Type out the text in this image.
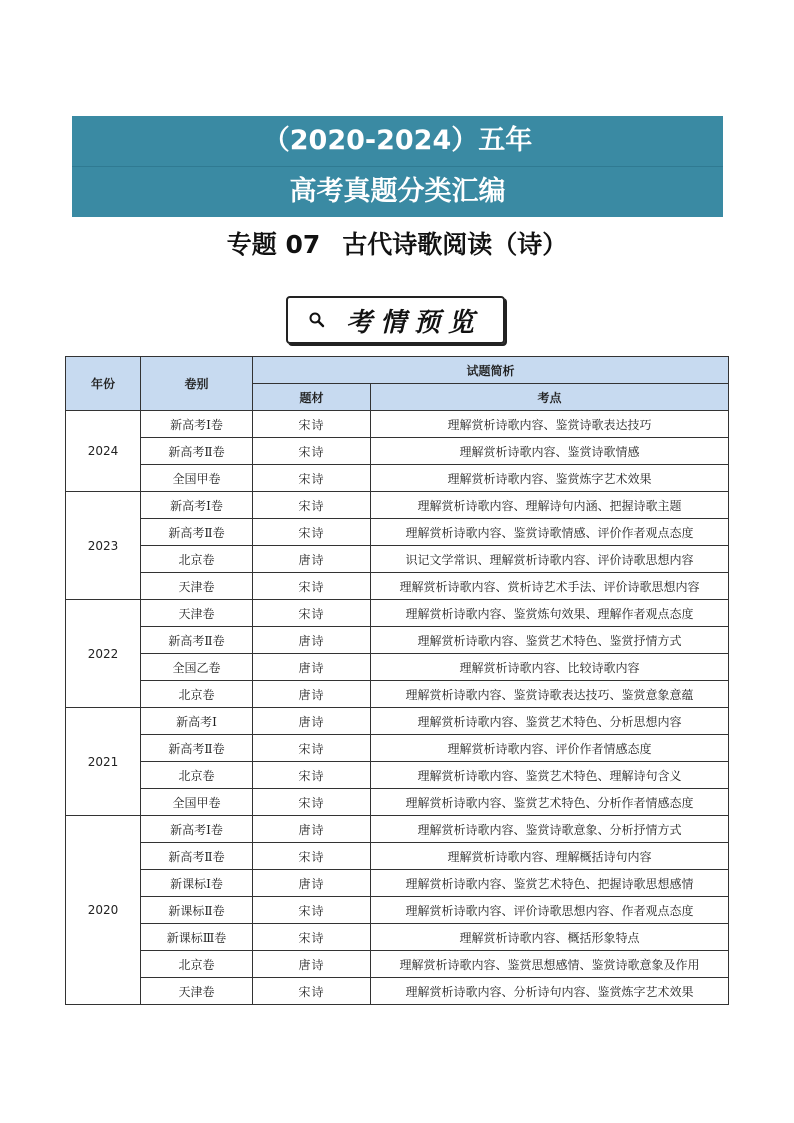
（2020-2024）五年
高考真题分类汇编
专题 07 古代诗歌阅读（诗）
考情预览
年份	卷别	试题简析	
		题材	考点
2024	新高考Ⅰ卷	宋诗	理解赏析诗歌内容、鉴赏诗歌表达技巧
	新高考Ⅱ卷	宋诗	理解赏析诗歌内容、鉴赏诗歌情感
	全国甲卷	宋诗	理解赏析诗歌内容、鉴赏炼字艺术效果
2023	新高考Ⅰ卷	宋诗	理解赏析诗歌内容、理解诗句内涵、把握诗歌主题
	新高考Ⅱ卷	宋诗	理解赏析诗歌内容、鉴赏诗歌情感、评价作者观点态度
	北京卷	唐诗	识记文学常识、理解赏析诗歌内容、评价诗歌思想内容
	天津卷	宋诗	理解赏析诗歌内容、赏析诗艺术手法、评价诗歌思想内容
2022	天津卷	宋诗	理解赏析诗歌内容、鉴赏炼句效果、理解作者观点态度
	新高考Ⅱ卷	唐诗	理解赏析诗歌内容、鉴赏艺术特色、鉴赏抒情方式
	全国乙卷	唐诗	理解赏析诗歌内容、比较诗歌内容
	北京卷	唐诗	理解赏析诗歌内容、鉴赏诗歌表达技巧、鉴赏意象意蕴
2021	新高考Ⅰ	唐诗	理解赏析诗歌内容、鉴赏艺术特色、分析思想内容
	新高考Ⅱ卷	宋诗	理解赏析诗歌内容、评价作者情感态度
	北京卷	宋诗	理解赏析诗歌内容、鉴赏艺术特色、理解诗句含义
	全国甲卷	宋诗	理解赏析诗歌内容、鉴赏艺术特色、分析作者情感态度
2020	新高考Ⅰ卷	唐诗	理解赏析诗歌内容、鉴赏诗歌意象、分析抒情方式
	新高考Ⅱ卷	宋诗	理解赏析诗歌内容、理解概括诗句内容
	新课标Ⅰ卷	唐诗	理解赏析诗歌内容、鉴赏艺术特色、把握诗歌思想感情
	新课标Ⅱ卷	宋诗	理解赏析诗歌内容、评价诗歌思想内容、作者观点态度
	新课标Ⅲ卷	宋诗	理解赏析诗歌内容、概括形象特点
	北京卷	唐诗	理解赏析诗歌内容、鉴赏思想感情、鉴赏诗歌意象及作用
	天津卷	宋诗	理解赏析诗歌内容、分析诗句内容、鉴赏炼字艺术效果
